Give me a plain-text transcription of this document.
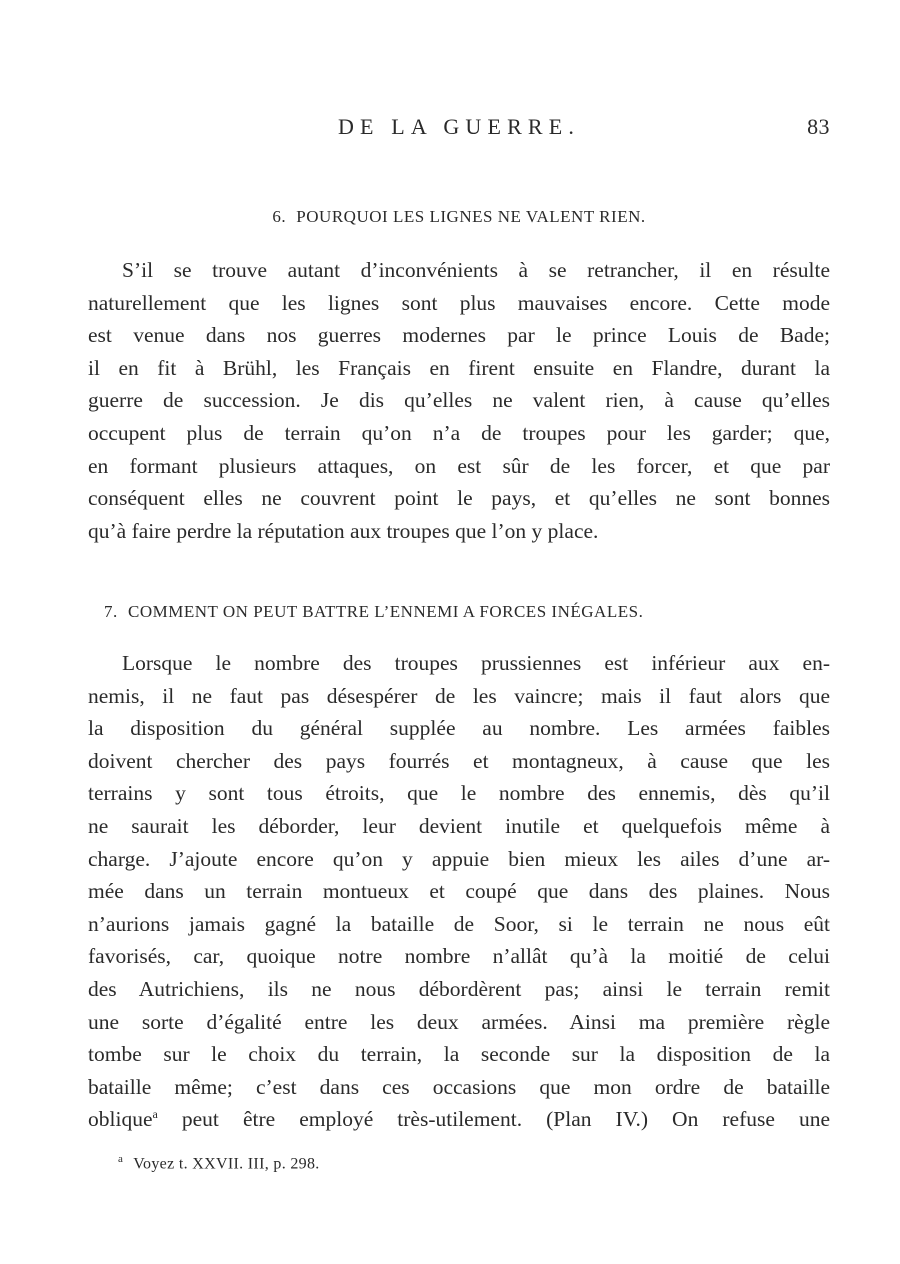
DE LA GUERRE.	83
6. POURQUOI LES LIGNES NE VALENT RIEN.
S’il se trouve autant d’inconvénients à se retrancher, il en résulte
naturellement que les lignes sont plus mauvaises encore. Cette mode
est venue dans nos guerres modernes par le prince Louis de Bade;
il en fit à Brühl, les Français en firent ensuite en Flandre, durant la
guerre de succession. Je dis qu’elles ne valent rien, à cause qu’elles
occupent plus de terrain qu’on n’a de troupes pour les garder; que,
en formant plusieurs attaques, on est sûr de les forcer, et que par
conséquent elles ne couvrent point le pays, et qu’elles ne sont bonnes
qu’à faire perdre la réputation aux troupes que l’on y place.
7. COMMENT ON PEUT BATTRE L’ENNEMI A FORCES INÉGALES.
Lorsque le nombre des troupes prussiennes est inférieur aux en-
nemis, il ne faut pas désespérer de les vaincre; mais il faut alors que
la disposition du général supplée au nombre. Les armées faibles
doivent chercher des pays fourrés et montagneux, à cause que les
terrains y sont tous étroits, que le nombre des ennemis, dès qu’il
ne saurait les déborder, leur devient inutile et quelquefois même à
charge. J’ajoute encore qu’on y appuie bien mieux les ailes d’une ar-
mée dans un terrain montueux et coupé que dans des plaines. Nous
n’aurions jamais gagné la bataille de Soor, si le terrain ne nous eût
favorisés, car, quoique notre nombre n’allât qu’à la moitié de celui
des Autrichiens, ils ne nous débordèrent pas; ainsi le terrain remit
une sorte d’égalité entre les deux armées. Ainsi ma première règle
tombe sur le choix du terrain, la seconde sur la disposition de la
bataille même; c’est dans ces occasions que mon ordre de bataille
oblique$^a$ peut être employé très-utilement. (Plan IV.) On refuse une
$^a$ Voyez t. XXVII. III, p. 298.
